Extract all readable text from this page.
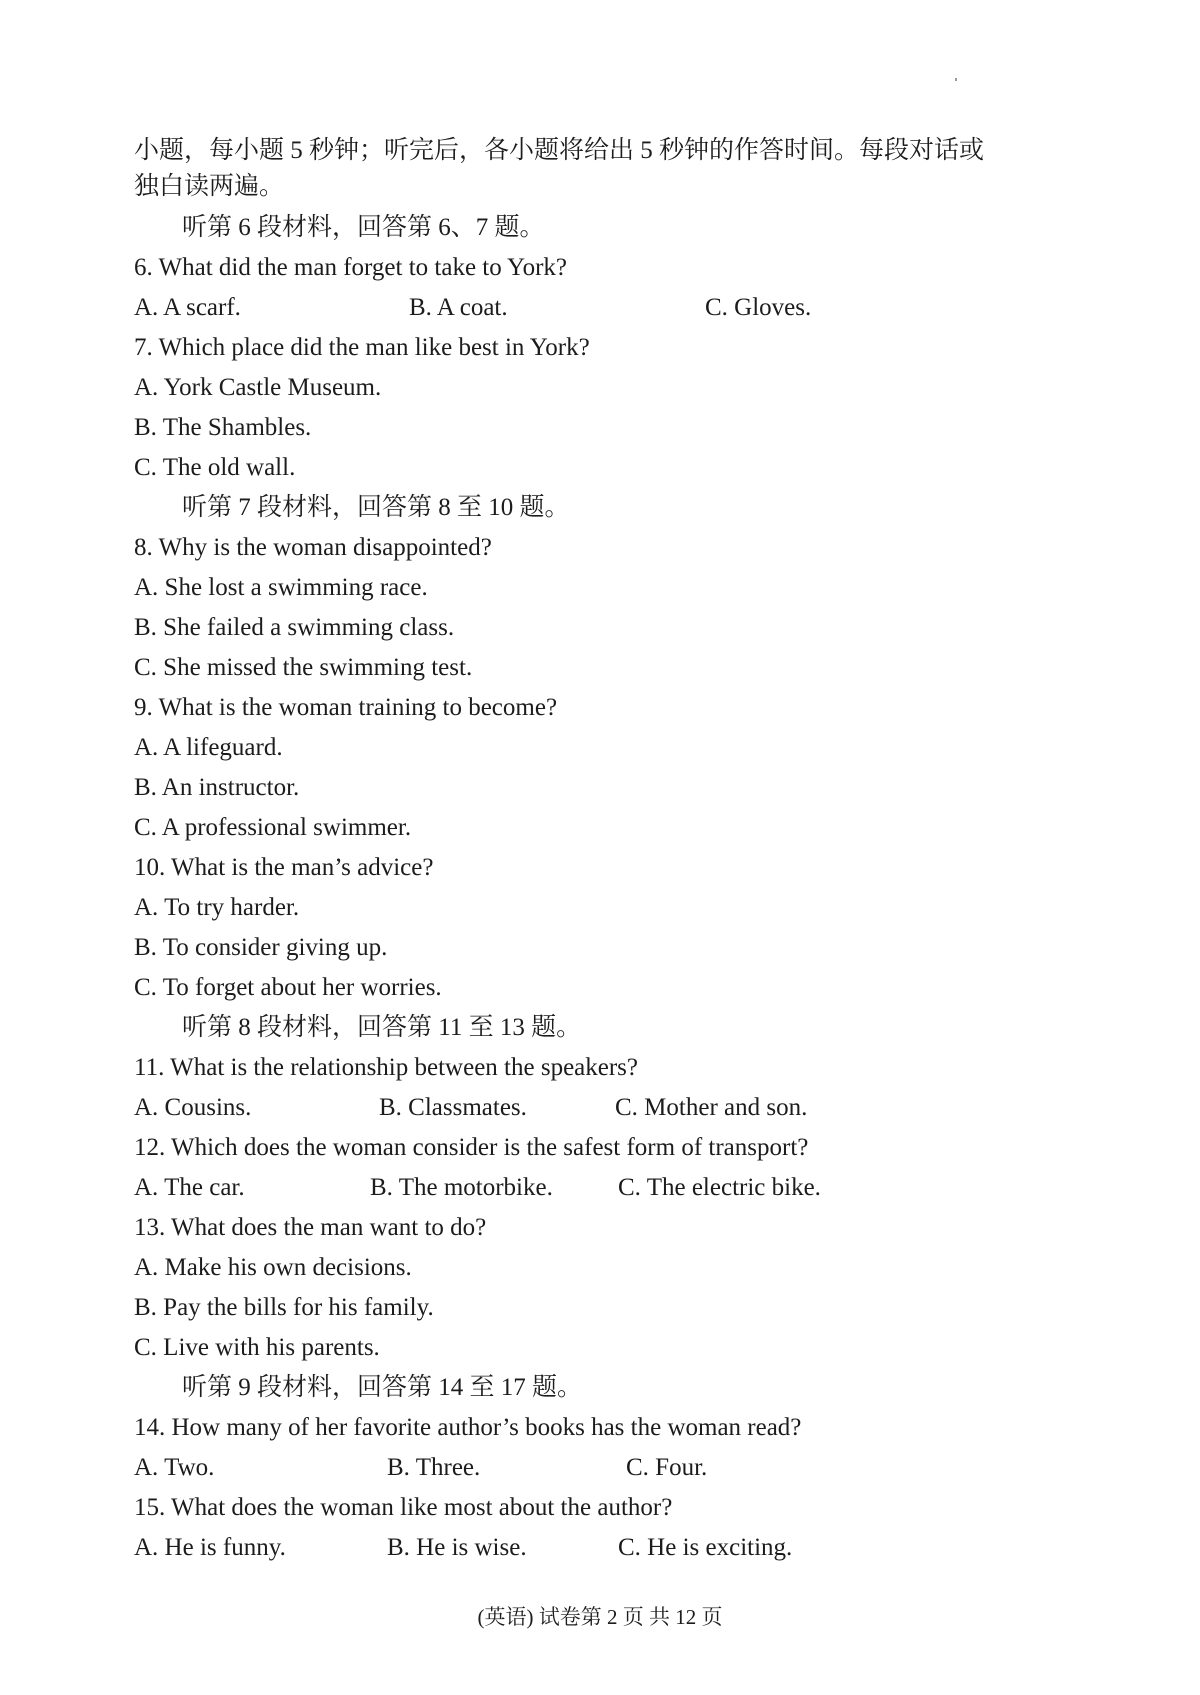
小题，每小题 5 秒钟；听完后，各小题将给出 5 秒钟的作答时间。每段对话或
独白读两遍。
听第 6 段材料，回答第 6、7 题。
6. What did the man forget to take to York?
A. A scarf.	B. A coat.	C. Gloves.
7. Which place did the man like best in York?
A. York Castle Museum.
B. The Shambles.
C. The old wall.
听第 7 段材料，回答第 8 至 10 题。
8. Why is the woman disappointed?
A. She lost a swimming race.
B. She failed a swimming class.
C. She missed the swimming test.
9. What is the woman training to become?
A. A lifeguard.
B. An instructor.
C. A professional swimmer.
10. What is the man’s advice?
A. To try harder.
B. To consider giving up.
C. To forget about her worries.
听第 8 段材料，回答第 11 至 13 题。
11. What is the relationship between the speakers?
A. Cousins.	B. Classmates.	C. Mother and son.
12. Which does the woman consider is the safest form of transport?
A. The car.	B. The motorbike.	C. The electric bike.
13. What does the man want to do?
A. Make his own decisions.
B. Pay the bills for his family.
C. Live with his parents.
听第 9 段材料，回答第 14 至 17 题。
14. How many of her favorite author’s books has the woman read?
A. Two.	B. Three.	C. Four.
15. What does the woman like most about the author?
A. He is funny.	B. He is wise.	C. He is exciting.
(英语) 试卷第 2 页 共 12 页
